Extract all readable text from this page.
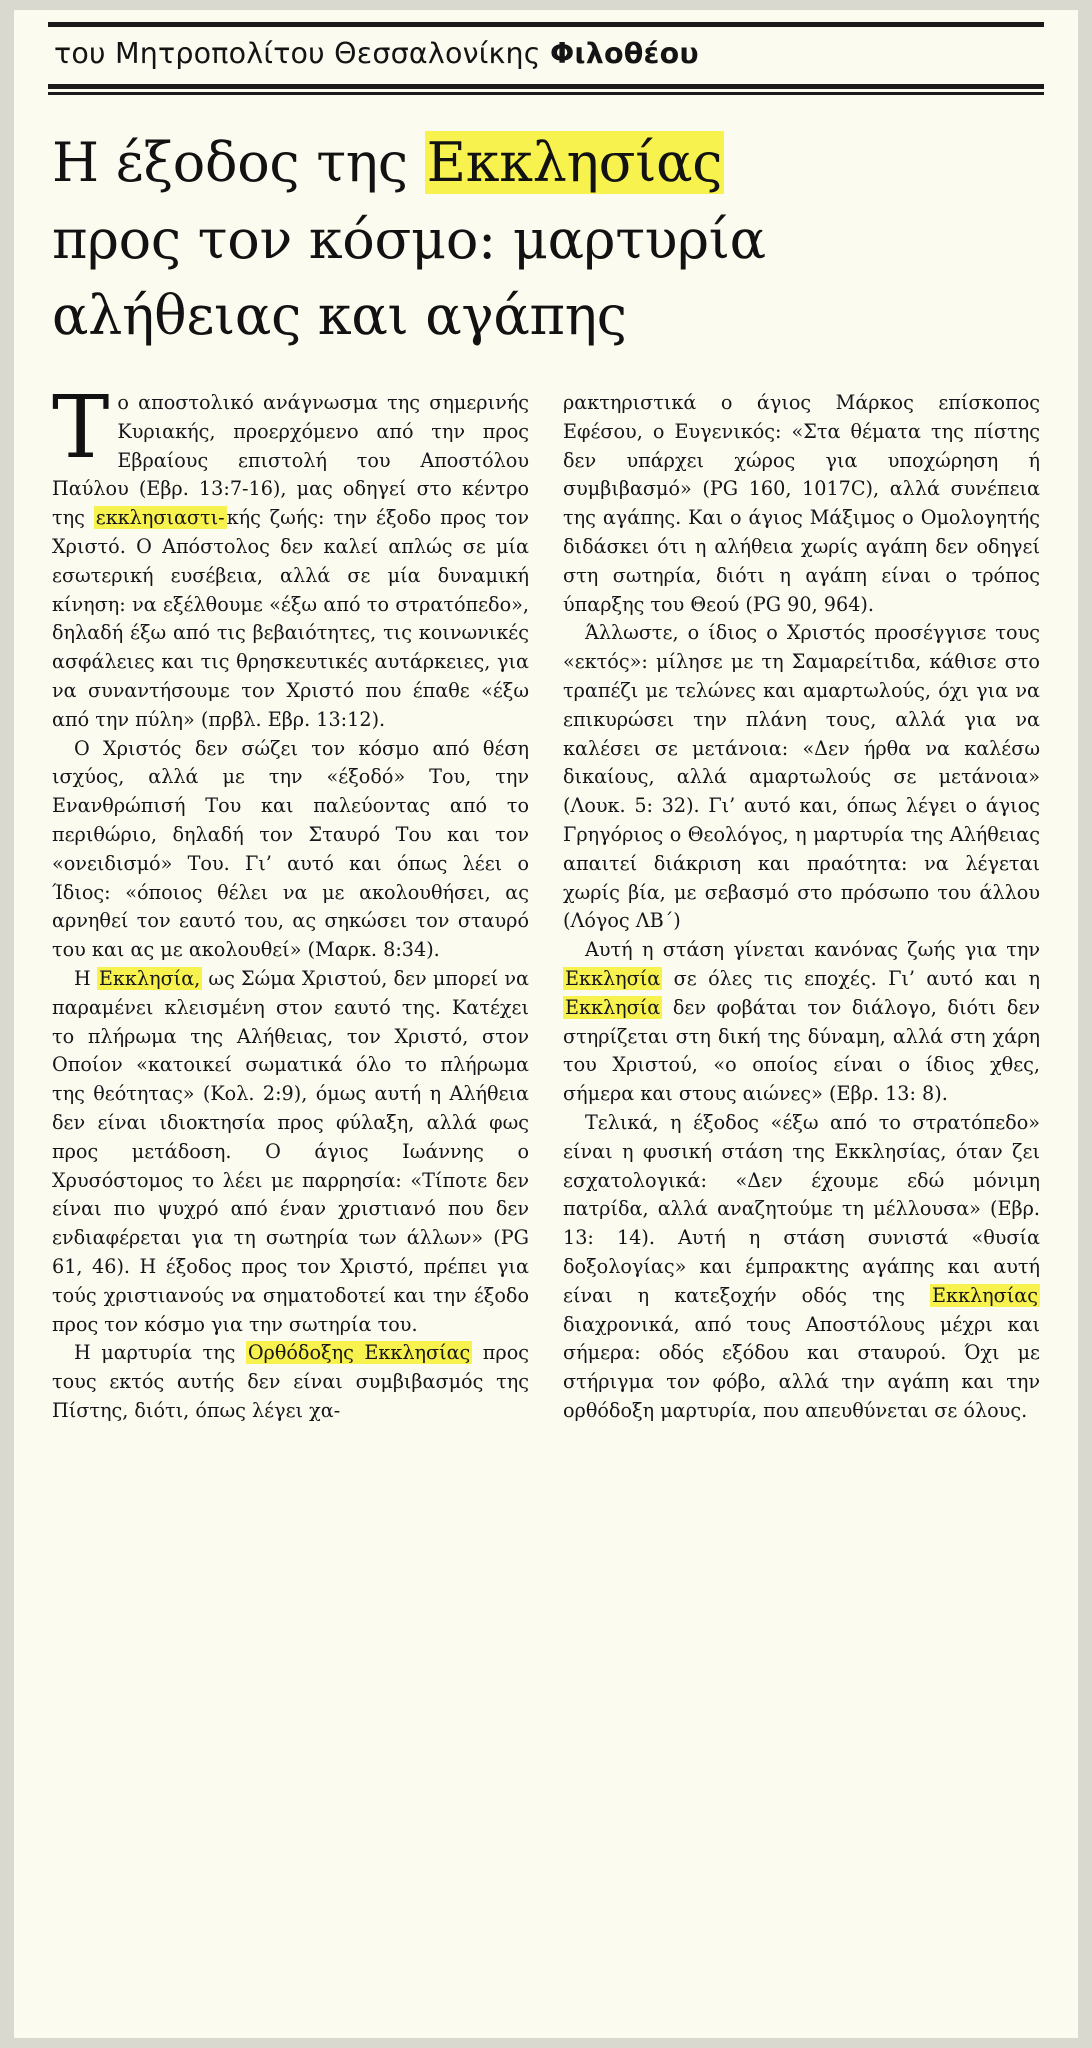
του Μητροπολίτου Θεσσαλονίκης Φιλοθέου
Η έξοδος της Εκκλησίας
προς τον κόσμο: μαρτυρία
αλήθειας και αγάπης

Το αποστολικό ανάγνωσμα της σημερινής Κυριακής, προερχόμενο από την προς Εβραίους επιστολή του Αποστόλου Παύλου (Εβρ. 13:7-16), μας οδηγεί στο κέντρο της εκκλησιαστι- κής ζωής: την έξοδο προς τον Χριστό. Ο Απόστολος δεν καλεί απλώς σε μία εσωτερική ευσέβεια, αλλά σε μία δυναμική κίνηση: να εξέλθουμε «έξω από το στρατόπεδο», δηλαδή έξω από τις βεβαιότητες, τις κοινωνικές ασφάλειες και τις θρησκευτικές αυτάρκειες, για να συναντήσουμε τον Χριστό που έπαθε «έξω από την πύλη» (πρβλ. Εβρ. 13:12).

Ο Χριστός δεν σώζει τον κόσμο από θέση ισχύος, αλλά με την «έξοδό» Του, την Ενανθρώπισή Του και παλεύοντας από το περιθώριο, δηλαδή τον Σταυρό Του και τον «ονειδισμό» Του. Γι’ αυτό και όπως λέει ο Ίδιος: «όποιος θέλει να με ακολουθήσει, ας αρνηθεί τον εαυτό του, ας σηκώσει τον σταυρό του και ας με ακολουθεί» (Μαρκ. 8:34).

Η Εκκλησία, ως Σώμα Χριστού, δεν μπορεί να παραμένει κλεισμένη στον εαυτό της. Κατέχει το πλήρωμα της Αλήθειας, τον Χριστό, στον Οποίον «κατοικεί σωματικά όλο το πλήρωμα της θεότητας» (Κολ. 2:9), όμως αυτή η Αλήθεια δεν είναι ιδιοκτησία προς φύλαξη, αλλά φως προς μετάδοση. Ο άγιος Ιωάννης ο Χρυσόστομος το λέει με παρρησία: «Τίποτε δεν είναι πιο ψυχρό από έναν χριστιανό που δεν ενδιαφέρεται για τη σωτηρία των άλλων» (PG 61, 46). Η έξοδος προς τον Χριστό, πρέπει για τούς χριστιανούς να σηματοδοτεί και την έξοδο προς τον κόσμο για την σωτηρία του.

Η μαρτυρία της Ορθόδοξης Εκκλησίας προς τους εκτός αυτής δεν είναι συμβιβασμός της Πίστης, διότι, όπως λέγει χα-

ρακτηριστικά ο άγιος Μάρκος επίσκοπος Εφέσου, ο Ευγενικός: «Στα θέματα της πίστης δεν υπάρχει χώρος για υποχώρηση ή συμβιβασμό» (PG 160, 1017C), αλλά συνέπεια της αγάπης. Και ο άγιος Μάξιμος ο Ομολογητής διδάσκει ότι η αλήθεια χωρίς αγάπη δεν οδηγεί στη σωτηρία, διότι η αγάπη είναι ο τρόπος ύπαρξης του Θεού (PG 90, 964).

Άλλωστε, ο ίδιος ο Χριστός προσέγγισε τους «εκτός»: μίλησε με τη Σαμαρείτιδα, κάθισε στο τραπέζι με τελώνες και αμαρτωλούς, όχι για να επικυρώσει την πλάνη τους, αλλά για να καλέσει σε μετάνοια: «Δεν ήρθα να καλέσω δικαίους, αλλά αμαρτωλούς σε μετάνοια» (Λουκ. 5: 32). Γι’ αυτό και, όπως λέγει ο άγιος Γρηγόριος ο Θεολόγος, η μαρτυρία της Αλήθειας απαιτεί διάκριση και πραότητα: να λέγεται χωρίς βία, με σεβασμό στο πρόσωπο του άλλου (Λόγος ΛΒ΄)

Αυτή η στάση γίνεται κανόνας ζωής για την Εκκλησία σε όλες τις εποχές. Γι’ αυτό και η Εκκλησία δεν φοβάται τον διάλογο, διότι δεν στηρίζεται στη δική της δύναμη, αλλά στη χάρη του Χριστού, «ο οποίος είναι ο ίδιος χθες, σήμερα και στους αιώνες» (Εβρ. 13: 8).

Τελικά, η έξοδος «έξω από το στρατόπεδο» είναι η φυσική στάση της Εκκλησίας, όταν ζει εσχατολογικά: «Δεν έχουμε εδώ μόνιμη πατρίδα, αλλά αναζητούμε τη μέλλουσα» (Εβρ. 13: 14). Αυτή η στάση συνιστά «θυσία δοξολογίας» και έμπρακτης αγάπης και αυτή είναι η κατεξοχήν οδός της Εκκλησίας διαχρονικά, από τους Αποστόλους μέχρι και σήμερα: οδός εξόδου και σταυρού. Όχι με στήριγμα τον φόβο, αλλά την αγάπη και την ορθόδοξη μαρτυρία, που απευθύνεται σε όλους.
